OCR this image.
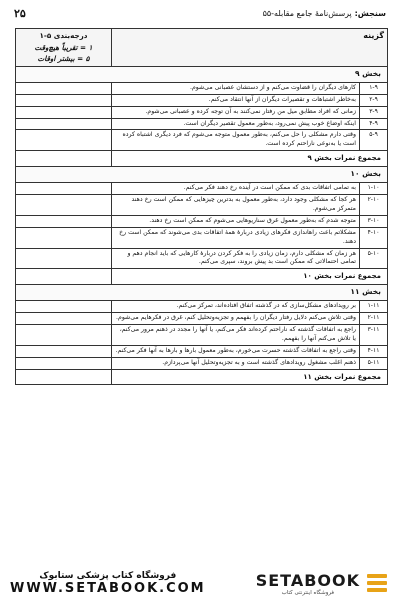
سنجش: پرسش‌نامهٔ جامع مقابله-۵۵
۲۵
گزینه		درجه‌بندی ۵-۱
۱ = تقریباً هیچ‌وقت
۵ = بیشتر اوقات

بخش ۹		
۱-۹	کارهای دیگران را قضاوت می‌کنم و از دستشان عصبانی می‌شوم.	
۲-۹	به‌خاطر اشتباهات و تقصیرات دیگران از آنها انتقاد می‌کنم.	
۳-۹	زمانی که افراد مطابق میل من رفتار نمی‌کنند به آن توجه کرده و عصبانی می‌شوم.	
۴-۹	اینکه اوضاع خوب پیش نمی‌رود، به‌طور معمول تقصیر دیگران است.	
۵-۹	وقتی دارم مشکلی را حل می‌کنم، به‌طور معمول متوجه می‌شوم که فرد دیگری اشتباه کرده است یا به‌نوعی ناراحتم کرده است.	
مجموع نمرات بخش ۹		
بخش ۱۰		
۱-۱۰	به تمامی اتفاقات بدی که ممکن است در آینده رخ دهند فکر می‌کنم.	
۲-۱۰	هر کجا که مشکلی وجود دارد، به‌طور معمول به بدترین چیزهایی که ممکن است رخ دهند متمرکز می‌شوم.	
۳-۱۰	متوجه شدم که به‌طور معمول غرق سناریوهایی می‌شوم که ممکن است رخ دهند.	
۴-۱۰	مشکلاتم باعث راهاندازی فکرهای زیادی دربارهٔ همهٔ اتفاقات بدی می‌شوند که ممکن است رخ دهند.	
۵-۱۰	هر زمان که مشکلی دارم، زمان زیادی را به فکر کردن دربارهٔ کارهایی که باید انجام دهم و تمامی احتمالاتی که ممکن است بد پیش بروند، سپری می‌کنم.	
مجموع نمرات بخش ۱۰		
بخش ۱۱		
۱-۱۱	بر رویدادهای مشکل‌سازی که در گذشته اتفاق افتاده‌اند، تمرکز می‌کنم.	
۲-۱۱	وقتی تلاش می‌کنم دلایل رفتار دیگران را بفهمم و تجزیه‌وتحلیل کنم، غرق در فکرهایم می‌شوم.	
۳-۱۱	راجع به اتفاقات گذشته که ناراحتم کرده‌اند فکر می‌کنم، یا آنها را مجدد در ذهنم مرور می‌کنم، یا تلاش می‌کنم آنها را بفهمم.	
۴-۱۱	وقتی راجع به اتفاقات گذشته حسرت می‌خورم، به‌طور معمول بارها و بارها به آنها فکر می‌کنم.	
۵-۱۱	ذهنم اغلب مشغول رویدادهای گذشته است و به تجزیه‌وتحلیل آنها می‌پردازم.	
مجموع نمرات بخش ۱۱		
SETABOOK
فروشگاه اینترنتی کتاب
فروشگاه کتاب پزشکی ستابوک
WWW.SETABOOK.COM
